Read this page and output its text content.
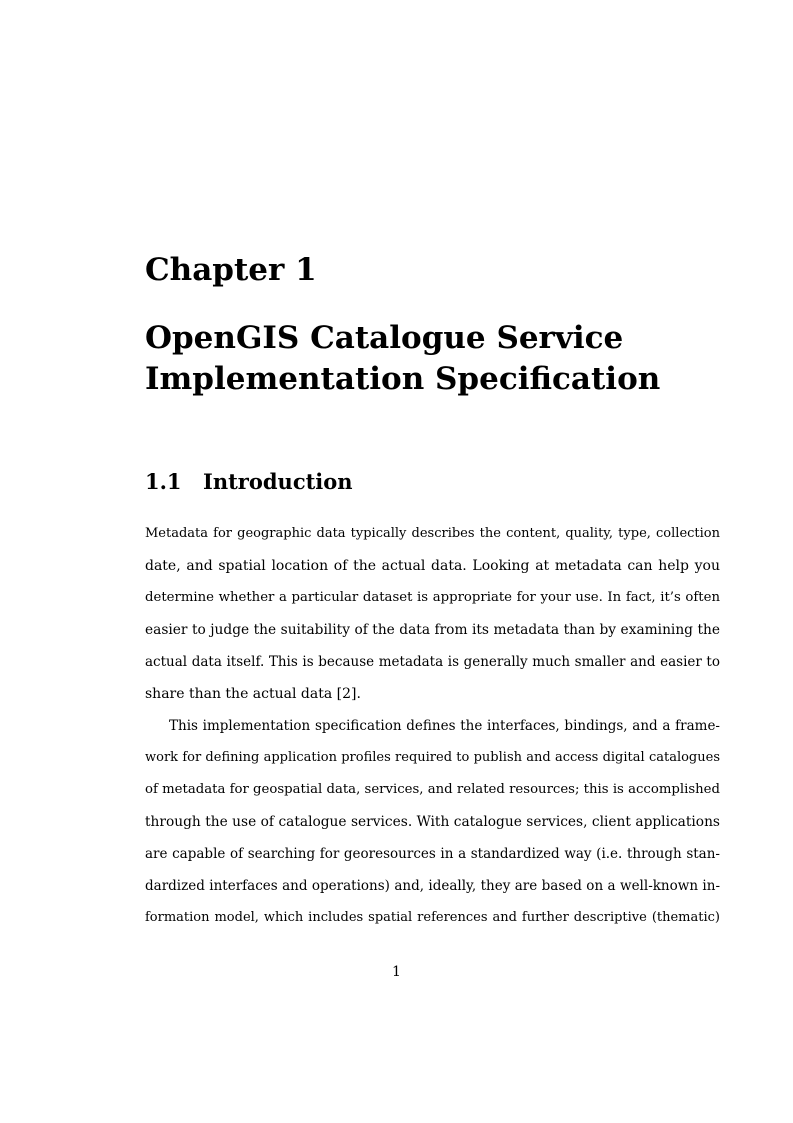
Chapter 1
OpenGIS Catalogue Service
Implementation Specification
1.1 Introduction

Metadata for geographic data typically describes the content, quality, type, collection
date, and spatial location of the actual data. Looking at metadata can help you
determine whether a particular dataset is appropriate for your use. In fact, it’s often
easier to judge the suitability of the data from its metadata than by examining the
actual data itself. This is because metadata is generally much smaller and easier to
share than the actual data [2].

This implementation specification defines the interfaces, bindings, and a frame-
work for defining application profiles required to publish and access digital catalogues
of metadata for geospatial data, services, and related resources; this is accomplished
through the use of catalogue services. With catalogue services, client applications
are capable of searching for georesources in a standardized way (i.e. through stan-
dardized interfaces and operations) and, ideally, they are based on a well-known in-
formation model, which includes spatial references and further descriptive (thematic)

1
